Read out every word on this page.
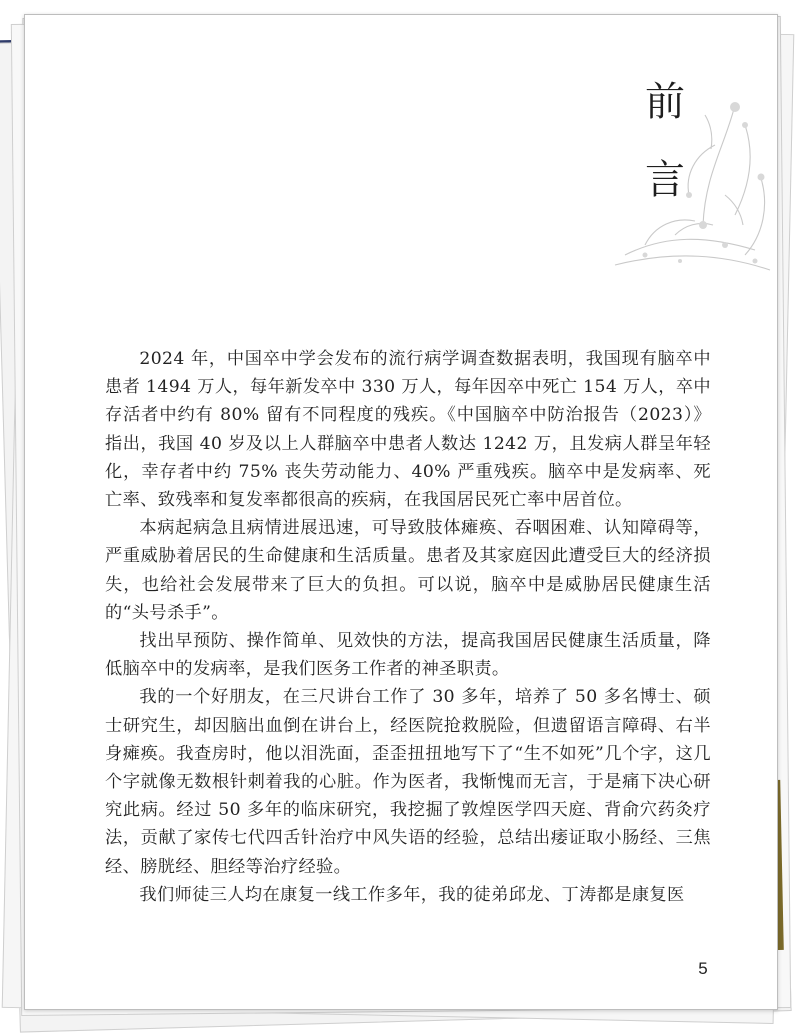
前
言

2024 年，中国卒中学会发布的流行病学调查数据表明，我国现有脑卒中患者 1494 万人，每年新发卒中 330 万人，每年因卒中死亡 154 万人，卒中存活者中约有 80% 留有不同程度的残疾。《中国脑卒中防治报告（2023）》指出，我国 40 岁及以上人群脑卒中患者人数达 1242 万，且发病人群呈年轻化，幸存者中约 75% 丧失劳动能力、40% 严重残疾。脑卒中是发病率、死亡率、致残率和复发率都很高的疾病，在我国居民死亡率中居首位。

本病起病急且病情进展迅速，可导致肢体瘫痪、吞咽困难、认知障碍等，严重威胁着居民的生命健康和生活质量。患者及其家庭因此遭受巨大的经济损失，也给社会发展带来了巨大的负担。可以说，脑卒中是威胁居民健康生活的“头号杀手”。

找出早预防、操作简单、见效快的方法，提高我国居民健康生活质量，降低脑卒中的发病率，是我们医务工作者的神圣职责。

我的一个好朋友，在三尺讲台工作了 30 多年，培养了 50 多名博士、硕士研究生，却因脑出血倒在讲台上，经医院抢救脱险，但遗留语言障碍、右半身瘫痪。我查房时，他以泪洗面，歪歪扭扭地写下了“生不如死”几个字，这几个字就像无数根针刺着我的心脏。作为医者，我惭愧而无言，于是痛下决心研究此病。经过 50 多年的临床研究，我挖掘了敦煌医学四天庭、背俞穴药灸疗法，贡献了家传七代四舌针治疗中风失语的经验，总结出痿证取小肠经、三焦经、膀胱经、胆经等治疗经验。

我们师徒三人均在康复一线工作多年，我的徒弟邱龙、丁涛都是康复医

5
